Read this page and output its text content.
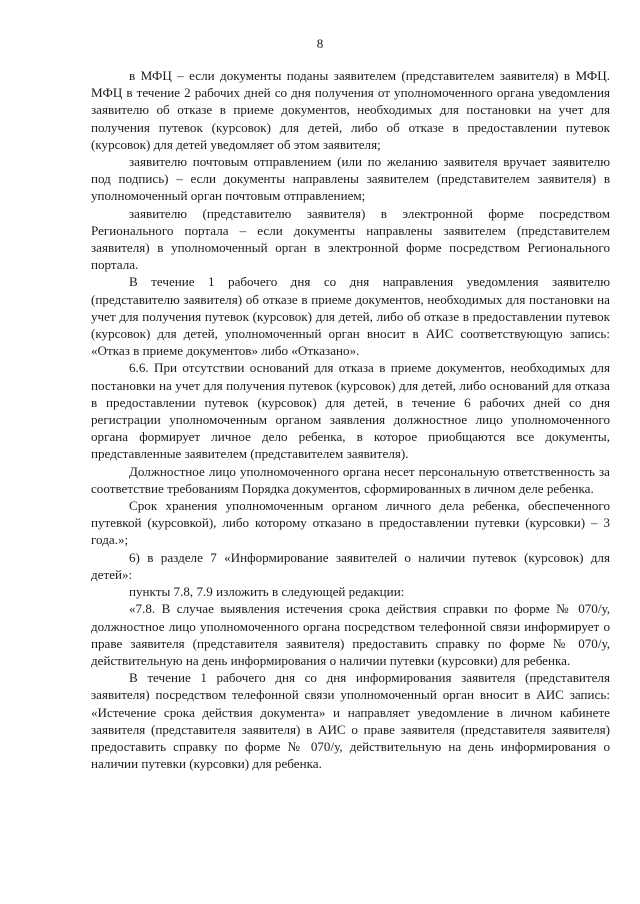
8

в МФЦ – если документы поданы заявителем (представителем заявителя) в МФЦ. МФЦ в течение 2 рабочих дней со дня получения от уполномоченного органа уведомления заявителю об отказе в приеме документов, необходимых для постановки на учет для получения путевок (курсовок) для детей, либо об отказе в предоставлении путевок (курсовок) для детей уведомляет об этом заявителя;

заявителю почтовым отправлением (или по желанию заявителя вручает заявителю под подпись) – если документы направлены заявителем (представителем заявителя) в уполномоченный орган почтовым отправлением;

заявителю (представителю заявителя) в электронной форме посредством Регионального портала – если документы направлены заявителем (представителем заявителя) в уполномоченный орган в электронной форме посредством Регионального портала.

В течение 1 рабочего дня со дня направления уведомления заявителю (представителю заявителя) об отказе в приеме документов, необходимых для постановки на учет для получения путевок (курсовок) для детей, либо об отказе в предоставлении путевок (курсовок) для детей, уполномоченный орган вносит в АИС соответствующую запись: «Отказ в приеме документов» либо «Отказано».

6.6. При отсутствии оснований для отказа в приеме документов, необходимых для постановки на учет для получения путевок (курсовок) для детей, либо оснований для отказа в предоставлении путевок (курсовок) для детей, в течение 6 рабочих дней со дня регистрации уполномоченным органом заявления должностное лицо уполномоченного органа формирует личное дело ребенка, в которое приобщаются все документы, представленные заявителем (представителем заявителя).

Должностное лицо уполномоченного органа несет персональную ответственность за соответствие требованиям Порядка документов, сформированных в личном деле ребенка.

Срок хранения уполномоченным органом личного дела ребенка, обеспеченного путевкой (курсовкой), либо которому отказано в предоставлении путевки (курсовки) – 3 года.»;

6) в разделе 7 «Информирование заявителей о наличии путевок (курсовок) для детей»:

пункты 7.8, 7.9 изложить в следующей редакции:

«7.8. В случае выявления истечения срока действия справки по форме № 070/у, должностное лицо уполномоченного органа посредством телефонной связи информирует о праве заявителя (представителя заявителя) предоставить справку по форме № 070/у, действительную на день информирования о наличии путевки (курсовки) для ребенка.

В течение 1 рабочего дня со дня информирования заявителя (представителя заявителя) посредством телефонной связи уполномоченный орган вносит в АИС запись: «Истечение срока действия документа» и направляет уведомление в личном кабинете заявителя (представителя заявителя) в АИС о праве заявителя (представителя заявителя) предоставить справку по форме № 070/у, действительную на день информирования о наличии путевки (курсовки) для ребенка.
